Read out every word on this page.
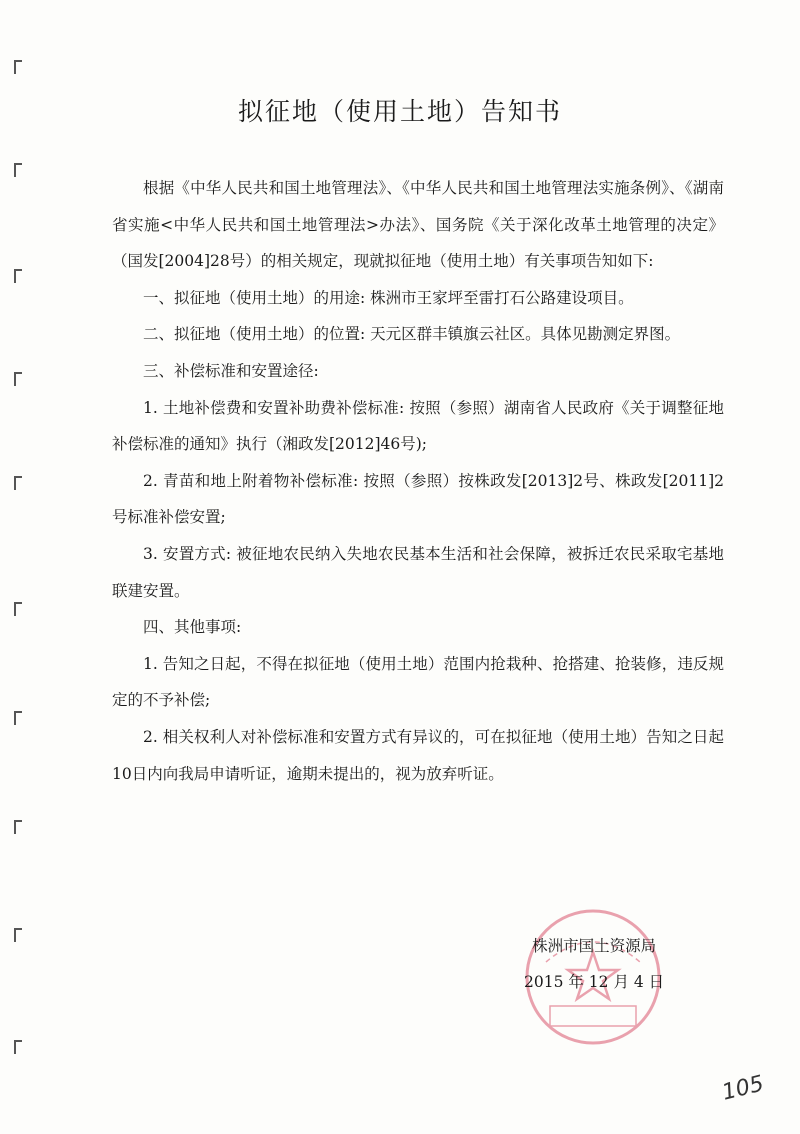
拟征地（使用土地）告知书

根据《中华人民共和国土地管理法》、《中华人民共和国土地管理法实施条例》、《湖南省实施<中华人民共和国土地管理法>办法》、国务院《关于深化改革土地管理的决定》（国发[2004]28号）的相关规定，现就拟征地（使用土地）有关事项告知如下:

一、拟征地（使用土地）的用途: 株洲市王家坪至雷打石公路建设项目。

二、拟征地（使用土地）的位置: 天元区群丰镇旗云社区。具体见勘测定界图。

三、补偿标准和安置途径:

1. 土地补偿费和安置补助费补偿标准: 按照（参照）湖南省人民政府《关于调整征地补偿标准的通知》执行（湘政发[2012]46号);

2. 青苗和地上附着物补偿标准: 按照（参照）按株政发[2013]2号、株政发[2011]2号标准补偿安置;

3. 安置方式: 被征地农民纳入失地农民基本生活和社会保障，被拆迁农民采取宅基地联建安置。

四、其他事项:

1. 告知之日起，不得在拟征地（使用土地）范围内抢栽种、抢搭建、抢装修，违反规定的不予补偿;

2. 相关权利人对补偿标准和安置方式有异议的，可在拟征地（使用土地）告知之日起10日内向我局申请听证，逾期未提出的，视为放弃听证。

株洲市国土资源局
2015 年 12 月 4 日
105
